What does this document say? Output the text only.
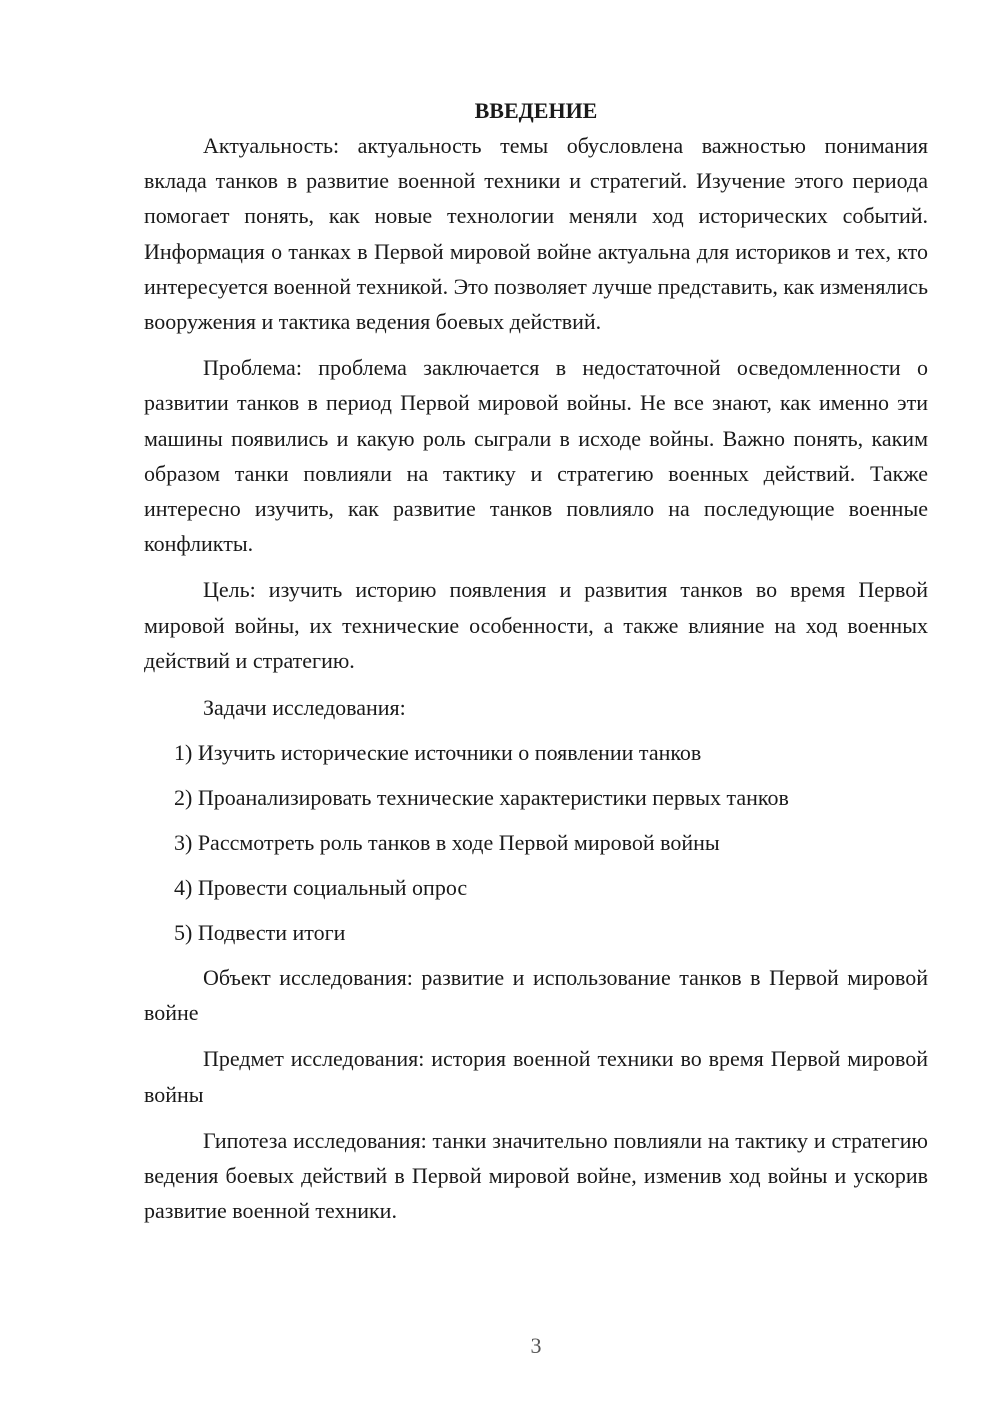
ВВЕДЕНИЕ

Актуальность: актуальность темы обусловлена важностью понимания вклада танков в развитие военной техники и стратегий. Изучение этого периода помогает понять, как новые технологии меняли ход исторических событий. Информация о танках в Первой мировой войне актуальна для историков и тех, кто интересуется военной техникой. Это позволяет лучше представить, как изменялись вооружения и тактика ведения боевых действий.

Проблема: проблема заключается в недостаточной осведомленности о развитии танков в период Первой мировой войны. Не все знают, как именно эти машины появились и какую роль сыграли в исходе войны. Важно понять, каким образом танки повлияли на тактику и стратегию военных действий. Также интересно изучить, как развитие танков повлияло на последующие военные конфликты.

Цель: изучить историю появления и развития танков во время Первой мировой войны, их технические особенности, а также влияние на ход военных действий и стратегию.

Задачи исследования:

1) Изучить исторические источники о появлении танков
2) Проанализировать технические характеристики первых танков
3) Рассмотреть роль танков в ходе Первой мировой войны
4) Провести социальный опрос
5) Подвести итоги

Объект исследования: развитие и использование танков в Первой мировой войне

Предмет исследования: история военной техники во время Первой мировой войны

Гипотеза исследования: танки значительно повлияли на тактику и стратегию ведения боевых действий в Первой мировой войне, изменив ход войны и ускорив развитие военной техники.

3
